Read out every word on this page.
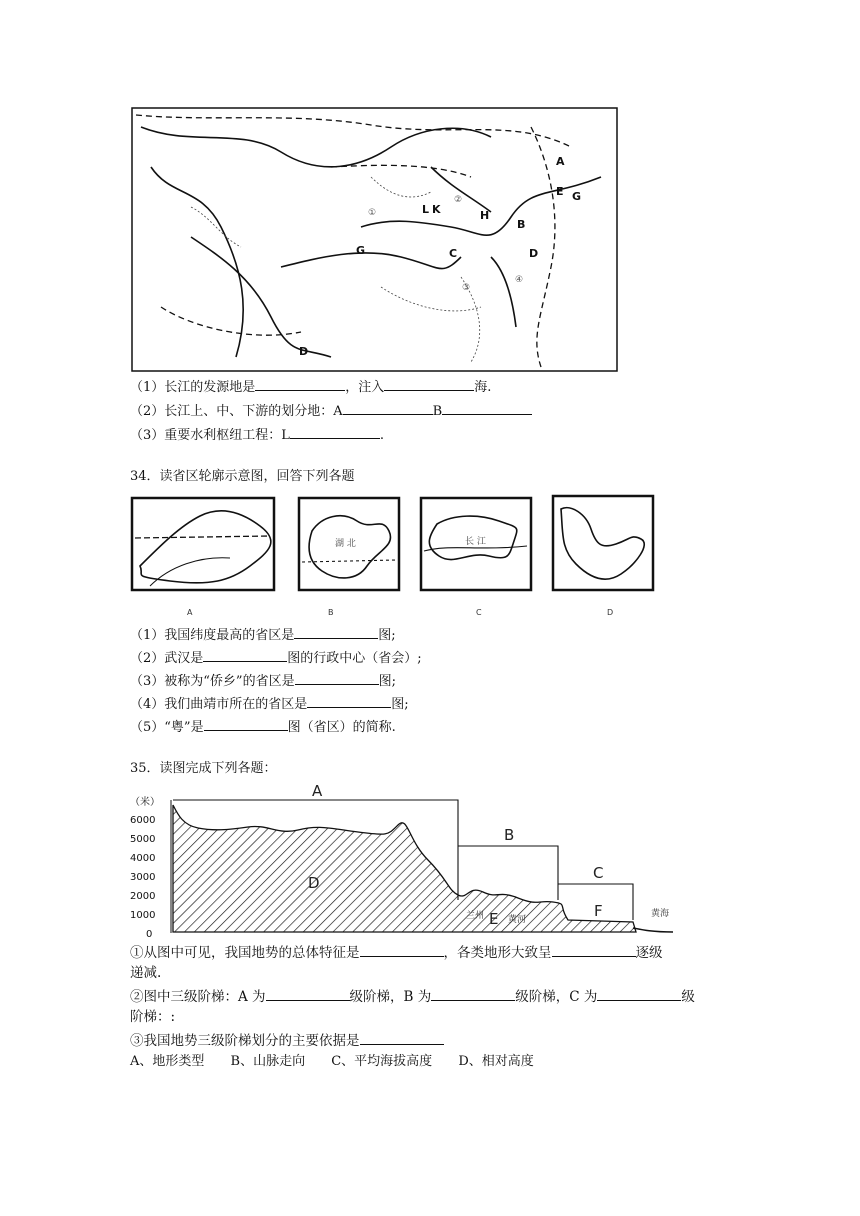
A
E G
L K	H
B
D
G	C
D
①
②
③
④
（1）长江的发源地是	，注入	海.
（2）长江上、中、下游的划分地：A	B
（3）重要水利枢纽工程：L	.
34．读省区轮廓示意图，回答下列各题
湖 北	长 江
A	B	C	D
（1）我国纬度最高的省区是	图;
（2）武汉是	图的行政中心（省会）;
（3）被称为“侨乡”的省区是	图;
（4）我们曲靖市所在的省区是	图;
（5）“粤”是	图（省区）的简称.
35．读图完成下列各题：
（米）
6000
5000
4000
3000
2000
1000
0
A
B
C
D
E	F
兰州	黄河
黄海
①从图中可见，我国地势的总体特征是	，各类地形大致呈	逐级
递减.
②图中三级阶梯：A 为	级阶梯，B 为	级阶梯，C 为	级
阶梯：:
③我国地势三级阶梯划分的主要依据是
A、地形类型 B、山脉走向 C、平均海拔高度 D、相对高度
